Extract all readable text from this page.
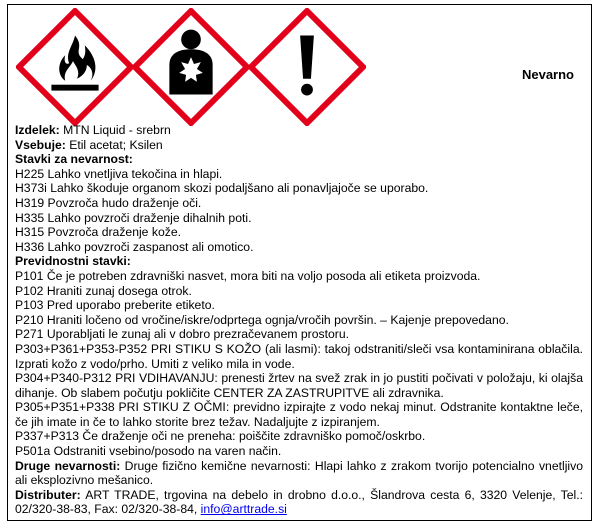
Nevarno

Izdelek: MTN Liquid - srebrn

Vsebuje: Etil acetat; Ksilen

Stavki za nevarnost:

H225 Lahko vnetljiva tekočina in hlapi.

H373i Lahko škoduje organom skozi podaljšano ali ponavljajoče se uporabo.

H319 Povzroča hudo draženje oči.

H335 Lahko povzroči draženje dihalnih poti.

H315 Povzroča draženje kože.

H336 Lahko povzroči zaspanost ali omotico.

Previdnostni stavki:

P101 Če je potreben zdravniški nasvet, mora biti na voljo posoda ali etiketa proizvoda.

P102 Hraniti zunaj dosega otrok.

P103 Pred uporabo preberite etiketo.

P210 Hraniti ločeno od vročine/iskre/odprtega ognja/vročih površin. – Kajenje prepovedano.

P271 Uporabljati le zunaj ali v dobro prezračevanem prostoru.

P303+P361+P353-P352 PRI STIKU S KOŽO (ali lasmi): takoj odstraniti/sleči vsa kontaminirana oblačila. Izprati kožo z vodo/prho. Umiti z veliko mila in vode.

P304+P340-P312 PRI VDIHAVANJU: prenesti žrtev na svež zrak in jo pustiti počivati v položaju, ki olajša dihanje. Ob slabem počutju pokličite CENTER ZA ZASTRUPITVE ali zdravnika.

P305+P351+P338 PRI STIKU Z OČMI: previdno izpirajte z vodo nekaj minut. Odstranite kontaktne leče, če jih imate in če to lahko storite brez težav. Nadaljujte z izpiranjem.

P337+P313 Če draženje oči ne preneha: poiščite zdravniško pomoč/oskrbo.

P501a Odstraniti vsebino/posodo na varen način.

Druge nevarnosti: Druge fizično kemične nevarnosti: Hlapi lahko z zrakom tvorijo potencialno vnetljivo ali eksplozivno mešanico.

Distributer: ART TRADE, trgovina na debelo in drobno d.o.o., Šlandrova cesta 6, 3320 Velenje, Tel.: 02/320-38-83, Fax: 02/320-38-84, info@arttrade.si
